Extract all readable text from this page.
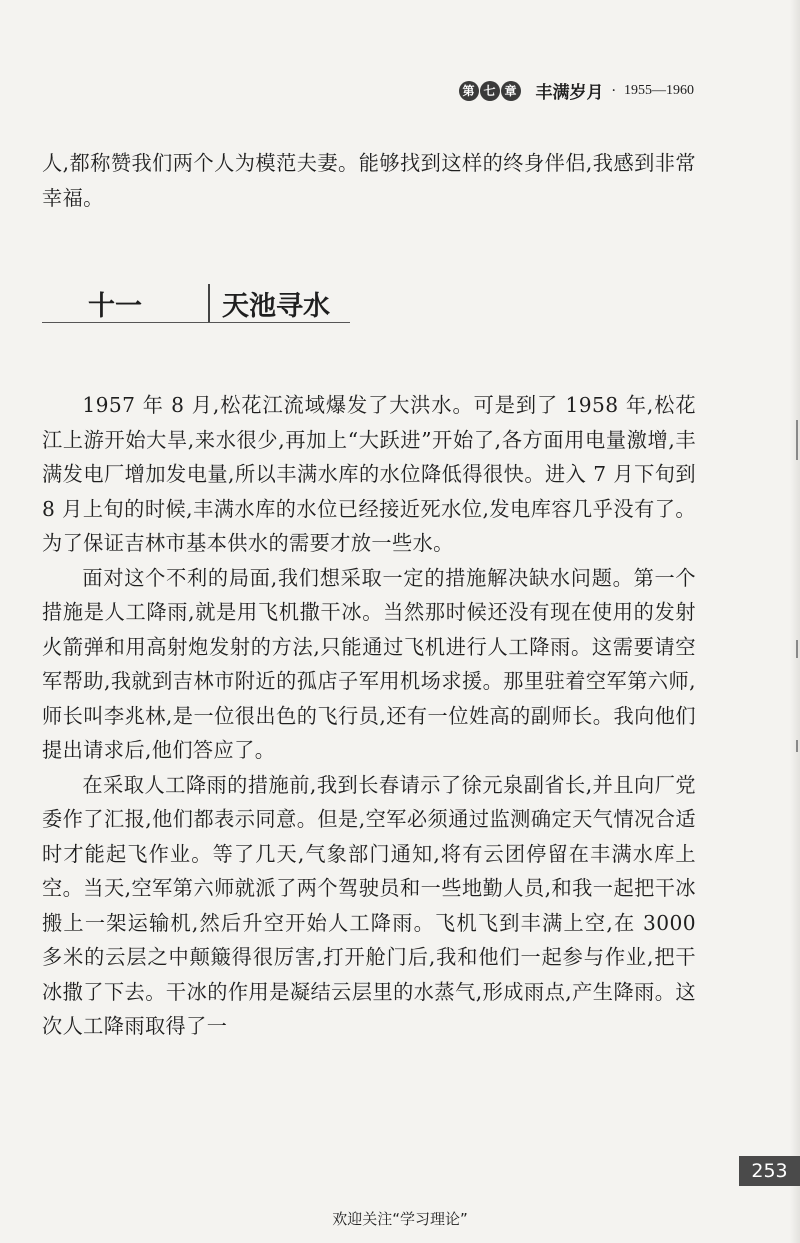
第 七 章 丰满岁月 · 1955—1960

人,都称赞我们两个人为模范夫妻。能够找到这样的终身伴侣,我感到非常幸福。

十一	天池寻水

1957 年 8 月,松花江流域爆发了大洪水。可是到了 1958 年,松花江上游开始大旱,来水很少,再加上“大跃进”开始了,各方面用电量激增,丰满发电厂增加发电量,所以丰满水库的水位降低得很快。进入 7 月下旬到 8 月上旬的时候,丰满水库的水位已经接近死水位,发电库容几乎没有了。为了保证吉林市基本供水的需要才放一些水。

面对这个不利的局面,我们想采取一定的措施解决缺水问题。第一个措施是人工降雨,就是用飞机撒干冰。当然那时候还没有现在使用的发射火箭弹和用高射炮发射的方法,只能通过飞机进行人工降雨。这需要请空军帮助,我就到吉林市附近的孤店子军用机场求援。那里驻着空军第六师,师长叫李兆林,是一位很出色的飞行员,还有一位姓高的副师长。我向他们提出请求后,他们答应了。

在采取人工降雨的措施前,我到长春请示了徐元泉副省长,并且向厂党委作了汇报,他们都表示同意。但是,空军必须通过监测确定天气情况合适时才能起飞作业。等了几天,气象部门通知,将有云团停留在丰满水库上空。当天,空军第六师就派了两个驾驶员和一些地勤人员,和我一起把干冰搬上一架运输机,然后升空开始人工降雨。飞机飞到丰满上空,在 3000 多米的云层之中颠簸得很厉害,打开舱门后,我和他们一起参与作业,把干冰撒了下去。干冰的作用是凝结云层里的水蒸气,形成雨点,产生降雨。这次人工降雨取得了一

253
欢迎关注“学习理论”
